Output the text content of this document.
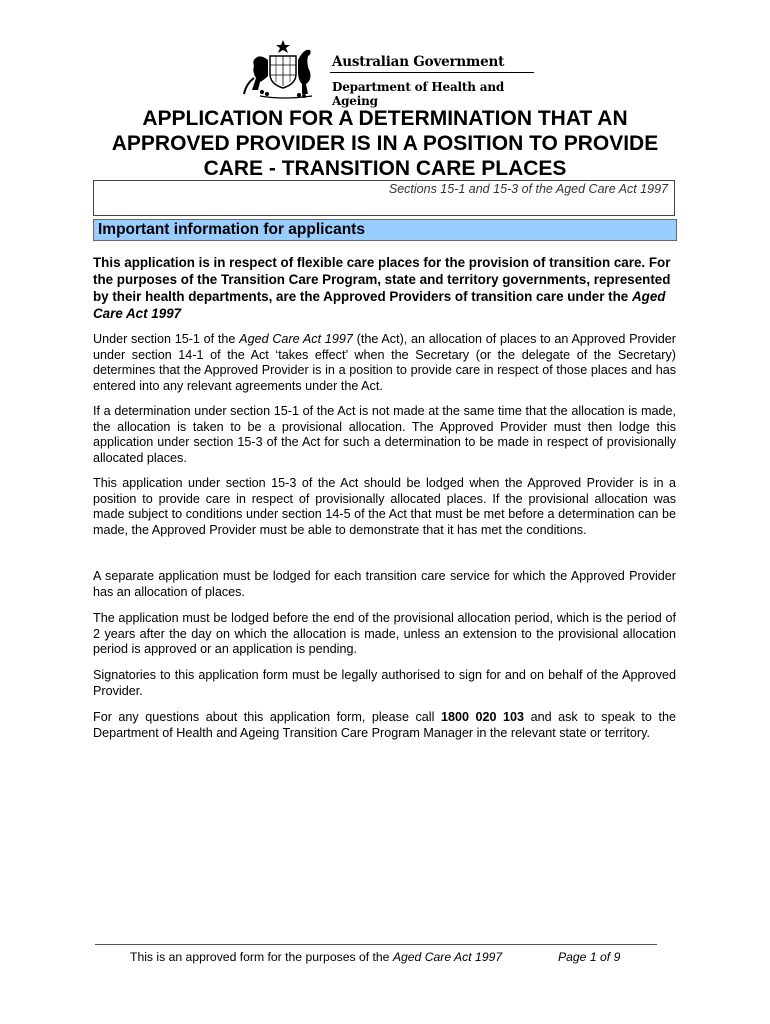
Australian Government
Department of Health and Ageing
APPLICATION FOR A DETERMINATION THAT AN APPROVED PROVIDER IS IN A POSITION TO PROVIDE CARE - TRANSITION CARE PLACES
Sections 15-1 and 15-3 of the Aged Care Act 1997
Important information for applicants
This application is in respect of flexible care places for the provision of transition care. For the purposes of the Transition Care Program, state and territory governments, represented by their health departments, are the Approved Providers of transition care under the Aged Care Act 1997
Under section 15-1 of the Aged Care Act 1997 (the Act), an allocation of places to an Approved Provider under section 14-1 of the Act ‘takes effect’ when the Secretary (or the delegate of the Secretary) determines that the Approved Provider is in a position to provide care in respect of those places and has entered into any relevant agreements under the Act.
If a determination under section 15-1 of the Act is not made at the same time that the allocation is made, the allocation is taken to be a provisional allocation. The Approved Provider must then lodge this application under section 15-3 of the Act for such a determination to be made in respect of provisionally allocated places.
This application under section 15-3 of the Act should be lodged when the Approved Provider is in a position to provide care in respect of provisionally allocated places. If the provisional allocation was made subject to conditions under section 14-5 of the Act that must be met before a determination can be made, the Approved Provider must be able to demonstrate that it has met the conditions.
A separate application must be lodged for each transition care service for which the Approved Provider has an allocation of places.
The application must be lodged before the end of the provisional allocation period, which is the period of 2 years after the day on which the allocation is made, unless an extension to the provisional allocation period is approved or an application is pending.
Signatories to this application form must be legally authorised to sign for and on behalf of the Approved Provider.
For any questions about this application form, please call 1800 020 103 and ask to speak to the Department of Health and Ageing Transition Care Program Manager in the relevant state or territory.
This is an approved form for the purposes of the Aged Care Act 1997	Page 1 of 9
